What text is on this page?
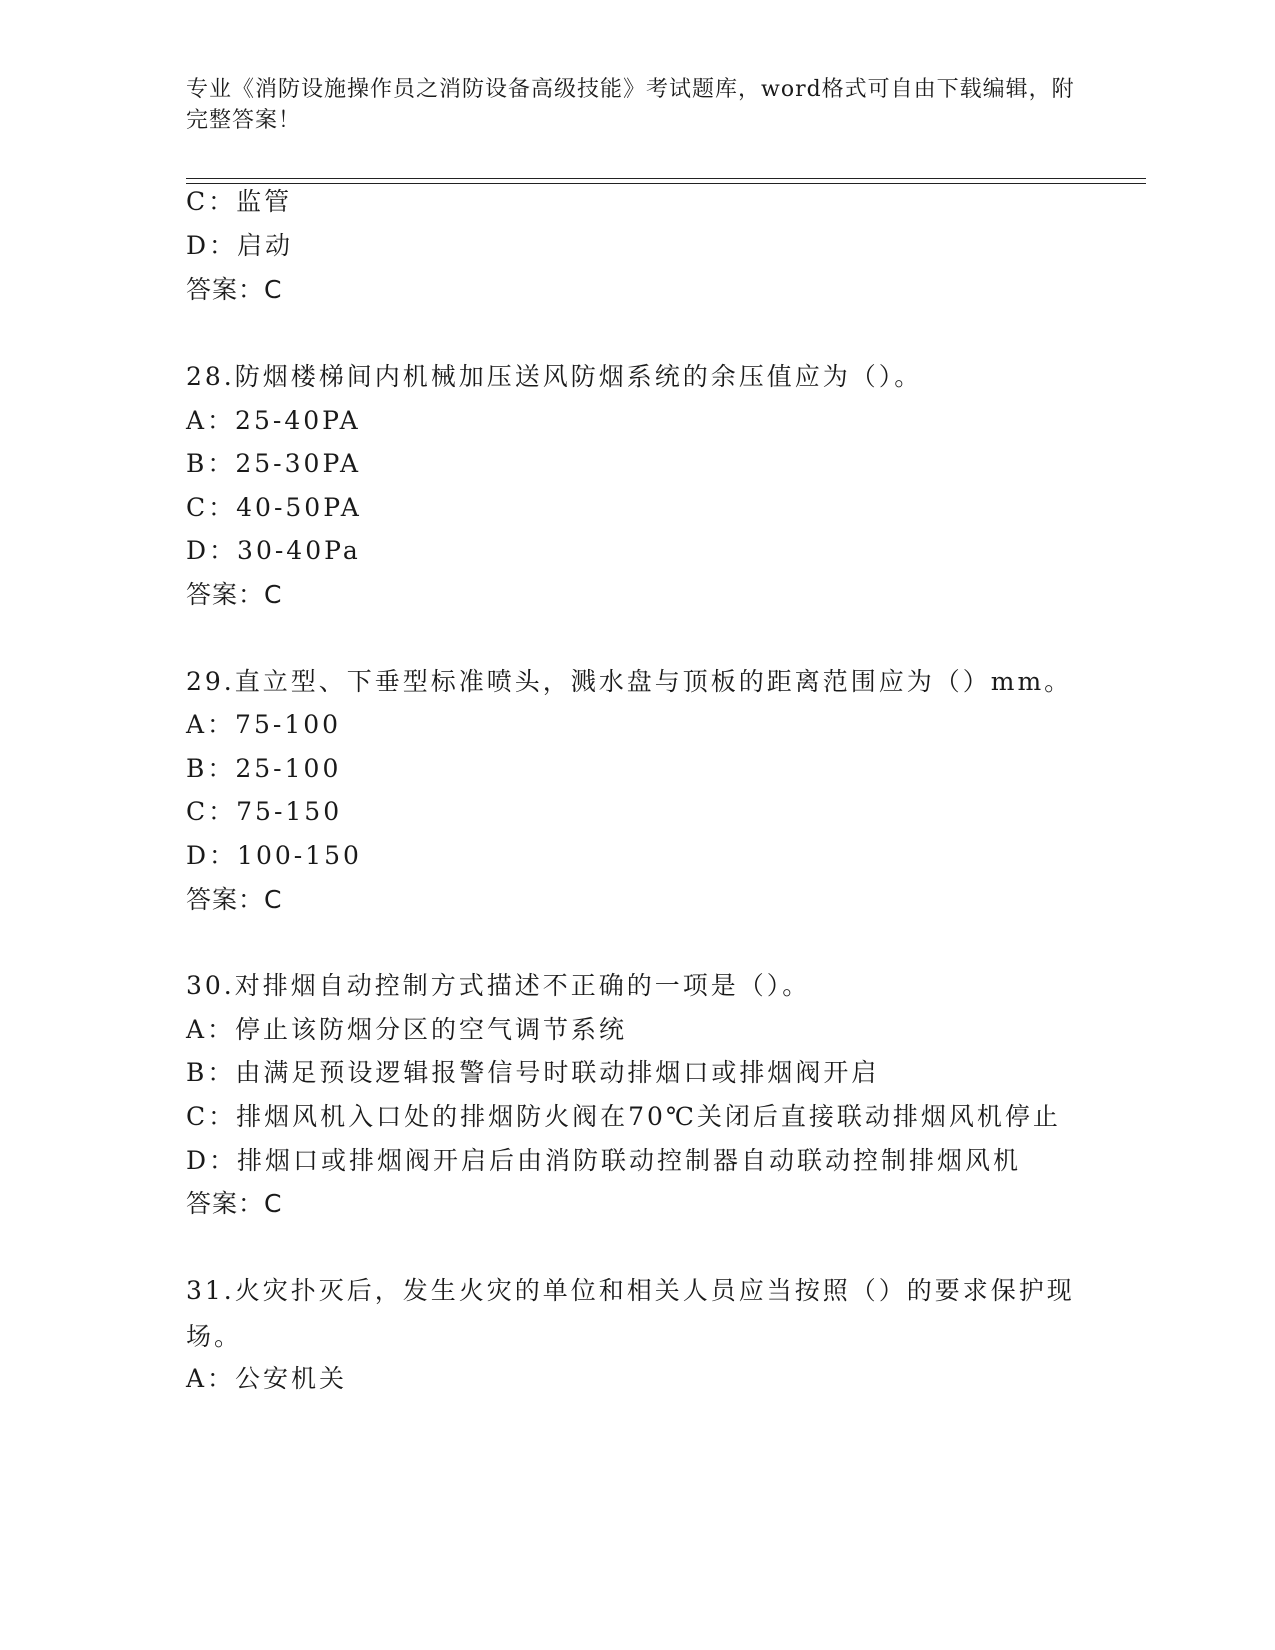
专业《消防设施操作员之消防设备高级技能》考试题库，word格式可自由下载编辑，附完整答案！
C：监管
D：启动
答案：C
28.防烟楼梯间内机械加压送风防烟系统的余压值应为（）。
A：25-40PA
B：25-30PA
C：40-50PA
D：30-40Pa
答案：C
29.直立型、下垂型标准喷头，溅水盘与顶板的距离范围应为（）mm。
A：75-100
B：25-100
C：75-150
D：100-150
答案：C
30.对排烟自动控制方式描述不正确的一项是（）。
A：停止该防烟分区的空气调节系统
B：由满足预设逻辑报警信号时联动排烟口或排烟阀开启
C：排烟风机入口处的排烟防火阀在70℃关闭后直接联动排烟风机停止
D：排烟口或排烟阀开启后由消防联动控制器自动联动控制排烟风机
答案：C
31.火灾扑灭后，发生火灾的单位和相关人员应当按照（）的要求保护现场。
A：公安机关
